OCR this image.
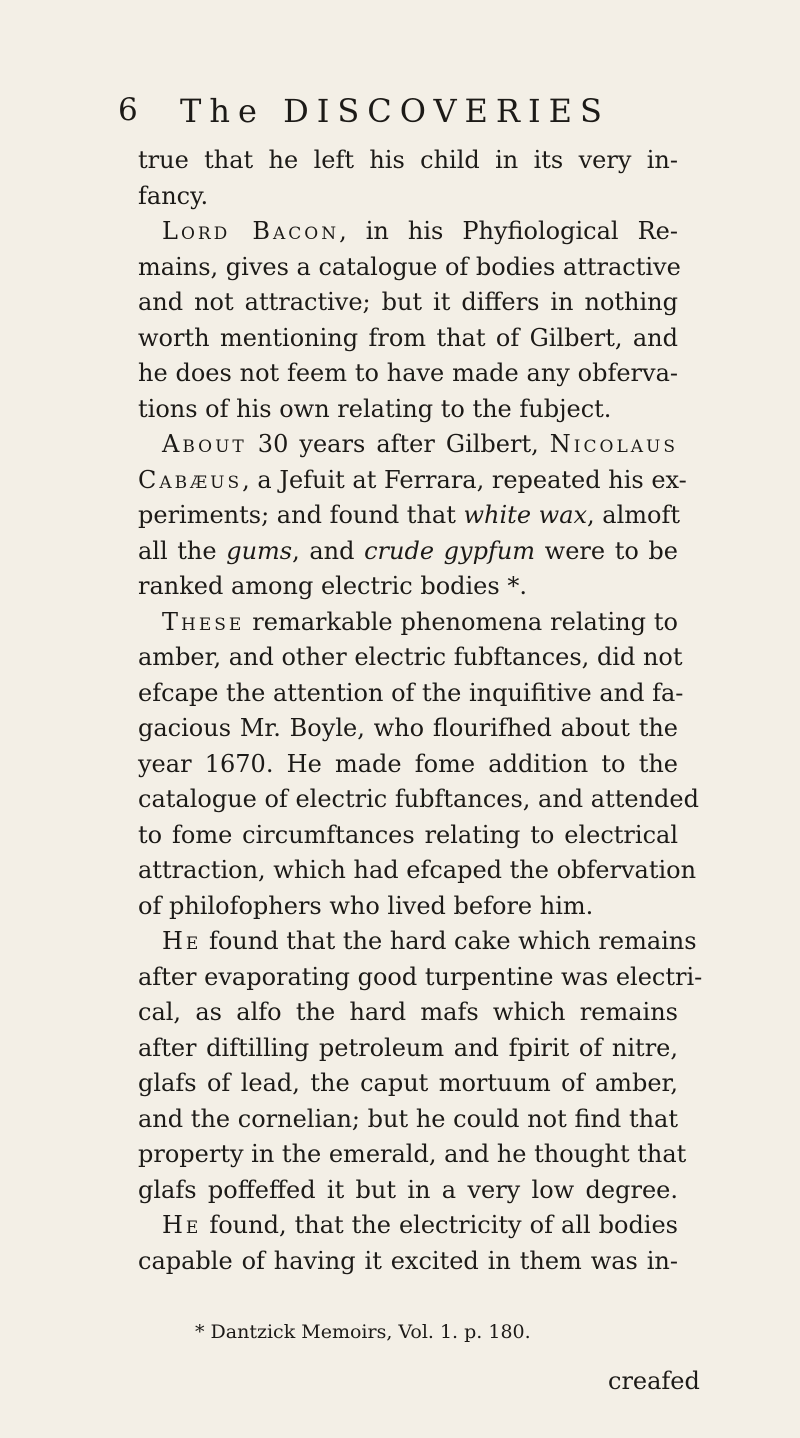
6 The DISCOVERIES
true that he left his child in its very in-
fancy.
Lord Bacon, in his Phyfiological Re-
mains, gives a catalogue of bodies attractive
and not attractive; but it differs in nothing
worth mentioning from that of Gilbert, and
he does not feem to have made any obferva-
tions of his own relating to the fubject.
About 30 years after Gilbert, Nicolaus
Cabæus, a Jefuit at Ferrara, repeated his ex-
periments; and found that white wax, almoft
all the gums, and crude gypfum were to be
ranked among electric bodies *.
These remarkable phenomena relating to
amber, and other electric fubftances, did not
efcape the attention of the inquifitive and fa-
gacious Mr. Boyle, who flourifhed about the
year 1670. He made fome addition to the
catalogue of electric fubftances, and attended
to fome circumftances relating to electrical
attraction, which had efcaped the obfervation
of philofophers who lived before him.
He found that the hard cake which remains
after evaporating good turpentine was electri-
cal, as alfo the hard mafs which remains
after diftilling petroleum and fpirit of nitre,
glafs of lead, the caput mortuum of amber,
and the cornelian; but he could not find that
property in the emerald, and he thought that
glafs poffeffed it but in a very low degree.
He found, that the electricity of all bodies
capable of having it excited in them was in-
* Dantzick Memoirs, Vol. 1. p. 180.
creafed
